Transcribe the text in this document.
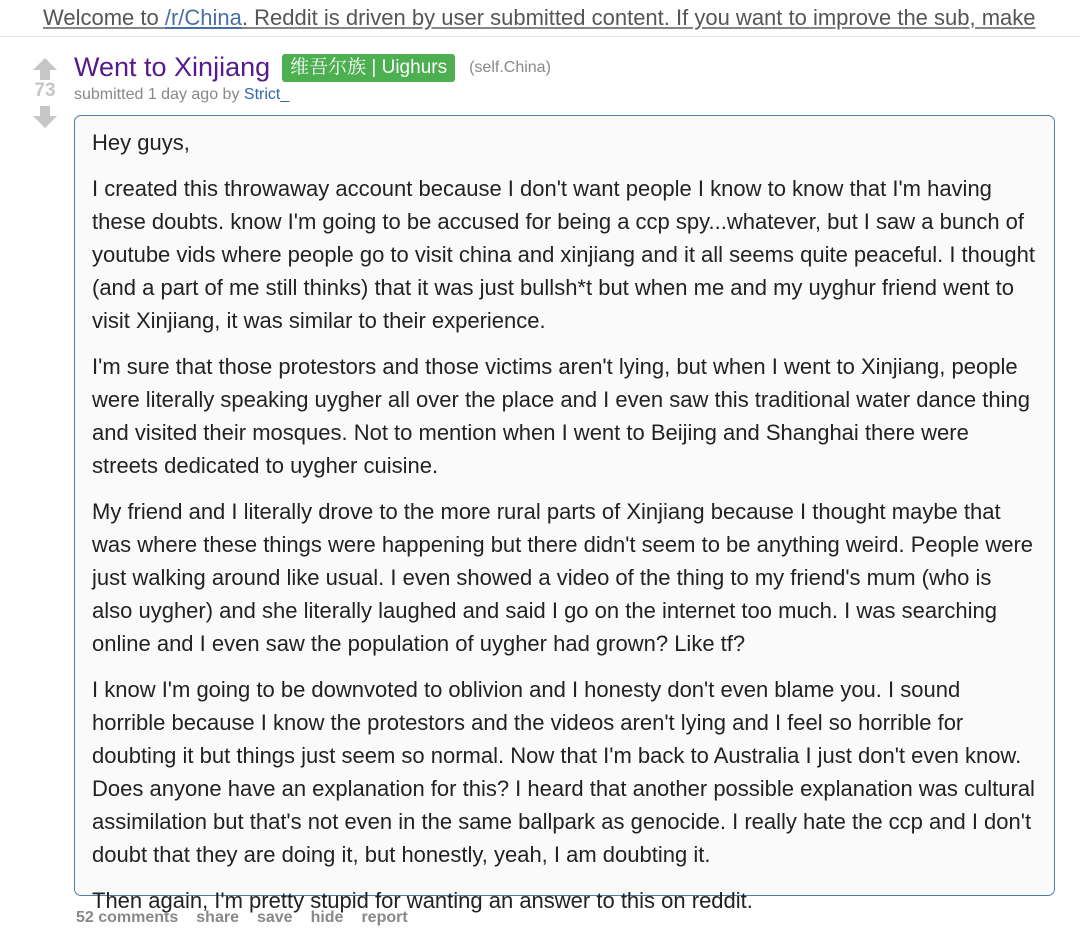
Welcome to /r/China. Reddit is driven by user submitted content. If you want to improve the sub, make
73
Went to Xinjiang	维吾尔族 | Uighurs	(self.China)
submitted 1 day ago by Strict_

Hey guys,

I created this throwaway account because I don't want people I know to know that I'm having these doubts. know I'm going to be accused for being a ccp spy...whatever, but I saw a bunch of youtube vids where people go to visit china and xinjiang and it all seems quite peaceful. I thought (and a part of me still thinks) that it was just bullsh*t but when me and my uyghur friend went to visit Xinjiang, it was similar to their experience.

I'm sure that those protestors and those victims aren't lying, but when I went to Xinjiang, people were literally speaking uygher all over the place and I even saw this traditional water dance thing and visited their mosques. Not to mention when I went to Beijing and Shanghai there were streets dedicated to uygher cuisine.

My friend and I literally drove to the more rural parts of Xinjiang because I thought maybe that was where these things were happening but there didn't seem to be anything weird. People were just walking around like usual. I even showed a video of the thing to my friend's mum (who is also uygher) and she literally laughed and said I go on the internet too much. I was searching online and I even saw the population of uygher had grown? Like tf?

I know I'm going to be downvoted to oblivion and I honesty don't even blame you. I sound horrible because I know the protestors and the videos aren't lying and I feel so horrible for doubting it but things just seem so normal. Now that I'm back to Australia I just don't even know. Does anyone have an explanation for this? I heard that another possible explanation was cultural assimilation but that's not even in the same ballpark as genocide. I really hate the ccp and I don't doubt that they are doing it, but honestly, yeah, I am doubting it.

Then again, I'm pretty stupid for wanting an answer to this on reddit.

52 comments share save hide report
